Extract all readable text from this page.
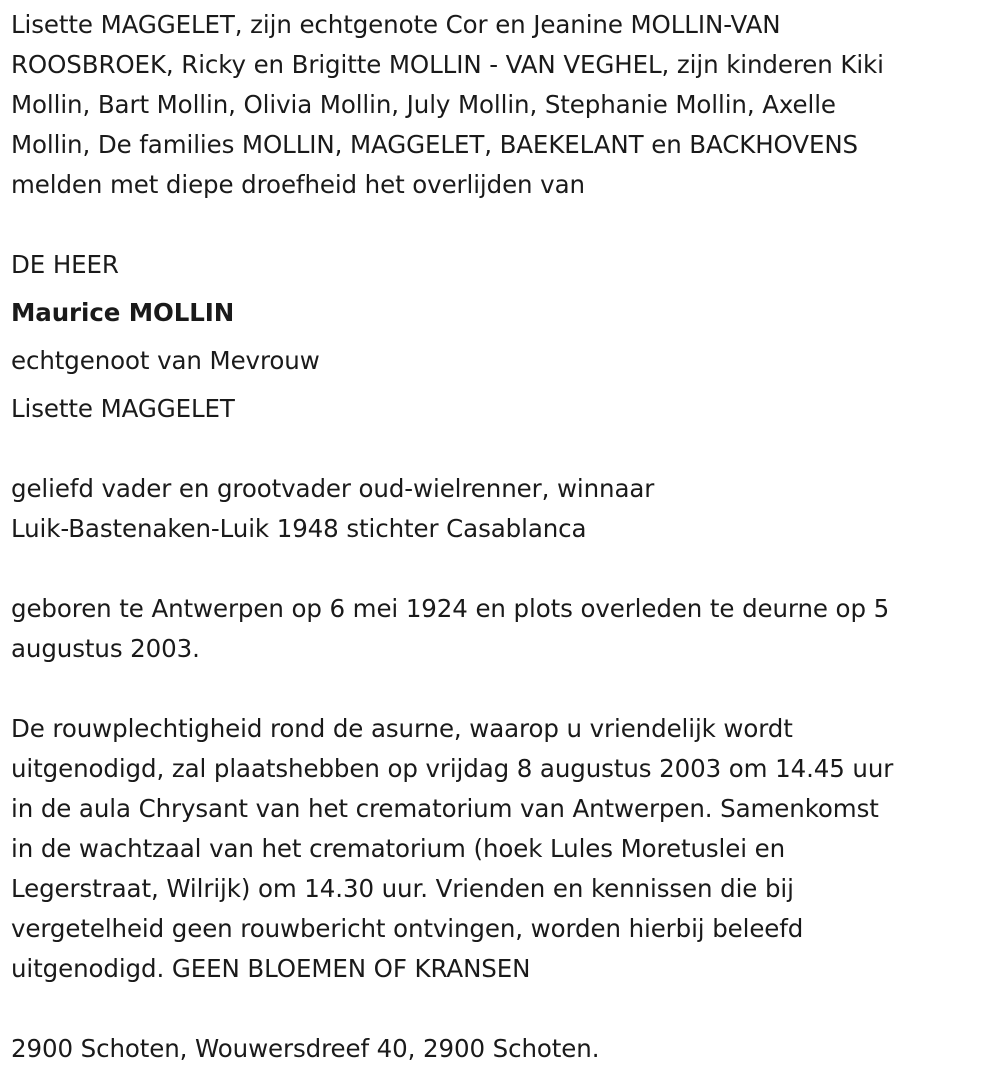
Lisette MAGGELET, zijn echtgenote Cor en Jeanine MOLLIN-VAN
ROOSBROEK, Ricky en Brigitte MOLLIN - VAN VEGHEL, zijn kinderen Kiki
Mollin, Bart Mollin, Olivia Mollin, July Mollin, Stephanie Mollin, Axelle
Mollin, De families MOLLIN, MAGGELET, BAEKELANT en BACKHOVENS
melden met diepe droefheid het overlijden van
DE HEER
Maurice MOLLIN
echtgenoot van Mevrouw
Lisette MAGGELET
geliefd vader en grootvader oud-wielrenner, winnaar
Luik-Bastenaken-Luik 1948 stichter Casablanca
geboren te Antwerpen op 6 mei 1924 en plots overleden te deurne op 5
augustus 2003.
De rouwplechtigheid rond de asurne, waarop u vriendelijk wordt
uitgenodigd, zal plaatshebben op vrijdag 8 augustus 2003 om 14.45 uur
in de aula Chrysant van het crematorium van Antwerpen. Samenkomst
in de wachtzaal van het crematorium (hoek Lules Moretuslei en
Legerstraat, Wilrijk) om 14.30 uur. Vrienden en kennissen die bij
vergetelheid geen rouwbericht ontvingen, worden hierbij beleefd
uitgenodigd. GEEN BLOEMEN OF KRANSEN
2900 Schoten, Wouwersdreef 40, 2900 Schoten.
